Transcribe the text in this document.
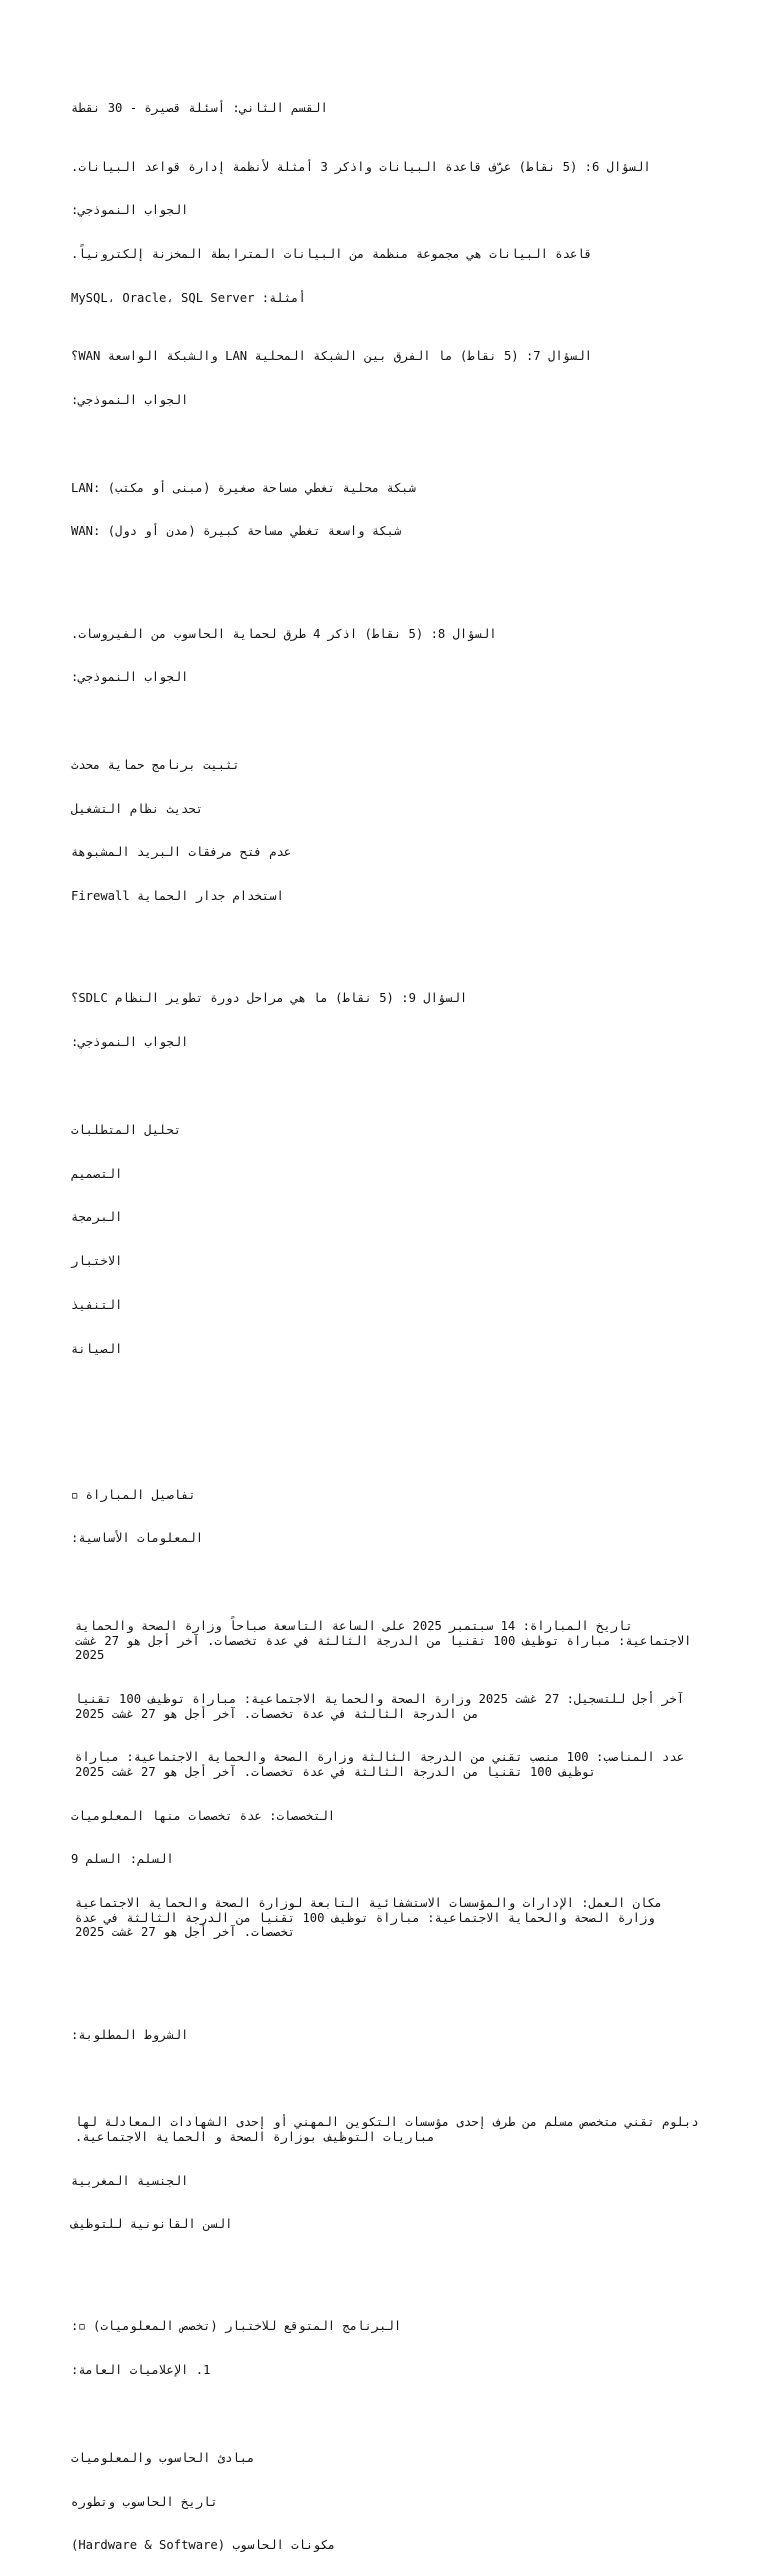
القسم الثاني: أسئلة قصيرة - 30 نقطة

السؤال 6: (5 نقاط) عرّف قاعدة البيانات واذكر 3 أمثلة لأنظمة إدارة قواعد البيانات.

الجواب النموذجي:

قاعدة البيانات هي مجموعة منظمة من البيانات المترابطة المخزنة إلكترونياً.

أمثلة: MySQL، Oracle، SQL Server

السؤال 7: (5 نقاط) ما الفرق بين الشبكة المحلية LAN والشبكة الواسعة WAN؟

الجواب النموذجي:

LAN: شبكة محلية تغطي مساحة صغيرة (مبنى أو مكتب)

WAN: شبكة واسعة تغطي مساحة كبيرة (مدن أو دول)

السؤال 8: (5 نقاط) اذكر 4 طرق لحماية الحاسوب من الفيروسات.

الجواب النموذجي:

تثبيت برنامج حماية محدث

تحديث نظام التشغيل

عدم فتح مرفقات البريد المشبوهة

استخدام جدار الحماية Firewall

السؤال 9: (5 نقاط) ما هي مراحل دورة تطوير النظام SDLC؟

الجواب النموذجي:

تحليل المتطلبات

التصميم

البرمجة

الاختبار

التنفيذ

الصيانة

تفاصيل المباراة ◽

المعلومات الأساسية:

تاريخ المباراة: 14 سبتمبر 2025 على الساعة التاسعة صباحاً وزارة الصحة والحماية الاجتماعية: مباراة توظيف 100 تقنيا من الدرجة الثالثة في عدة تخصصات. آخر أجل هو 27 غشت 2025

آخر أجل للتسجيل: 27 غشت 2025 وزارة الصحة والحماية الاجتماعية: مباراة توظيف 100 تقنيا من الدرجة الثالثة في عدة تخصصات. آخر أجل هو 27 غشت 2025

عدد المناصب: 100 منصب تقني من الدرجة الثالثة وزارة الصحة والحماية الاجتماعية: مباراة توظيف 100 تقنيا من الدرجة الثالثة في عدة تخصصات. آخر أجل هو 27 غشت 2025

التخصصات: عدة تخصصات منها المعلوميات

السلم: السلم 9

مكان العمل: الإدارات والمؤسسات الاستشفائية التابعة لوزارة الصحة والحماية الاجتماعية وزارة الصحة والحماية الاجتماعية: مباراة توظيف 100 تقنيا من الدرجة الثالثة في عدة تخصصات. آخر أجل هو 27 غشت 2025

الشروط المطلوبة:

دبلوم تقني متخصص مسلم من طرف إحدى مؤسسات التكوين المهني أو إحدى الشهادات المعادلة لها مباريات التوظيف بوزارة الصحة و الحماية الاجتماعية.

الجنسية المغربية

السن القانونية للتوظيف

البرنامج المتوقع للاختبار (تخصص المعلوميات) ◽:

1. الإعلاميات العامة:

مبادئ الحاسوب والمعلوميات

تاريخ الحاسوب وتطوره

مكونات الحاسوب (Hardware & Software)
